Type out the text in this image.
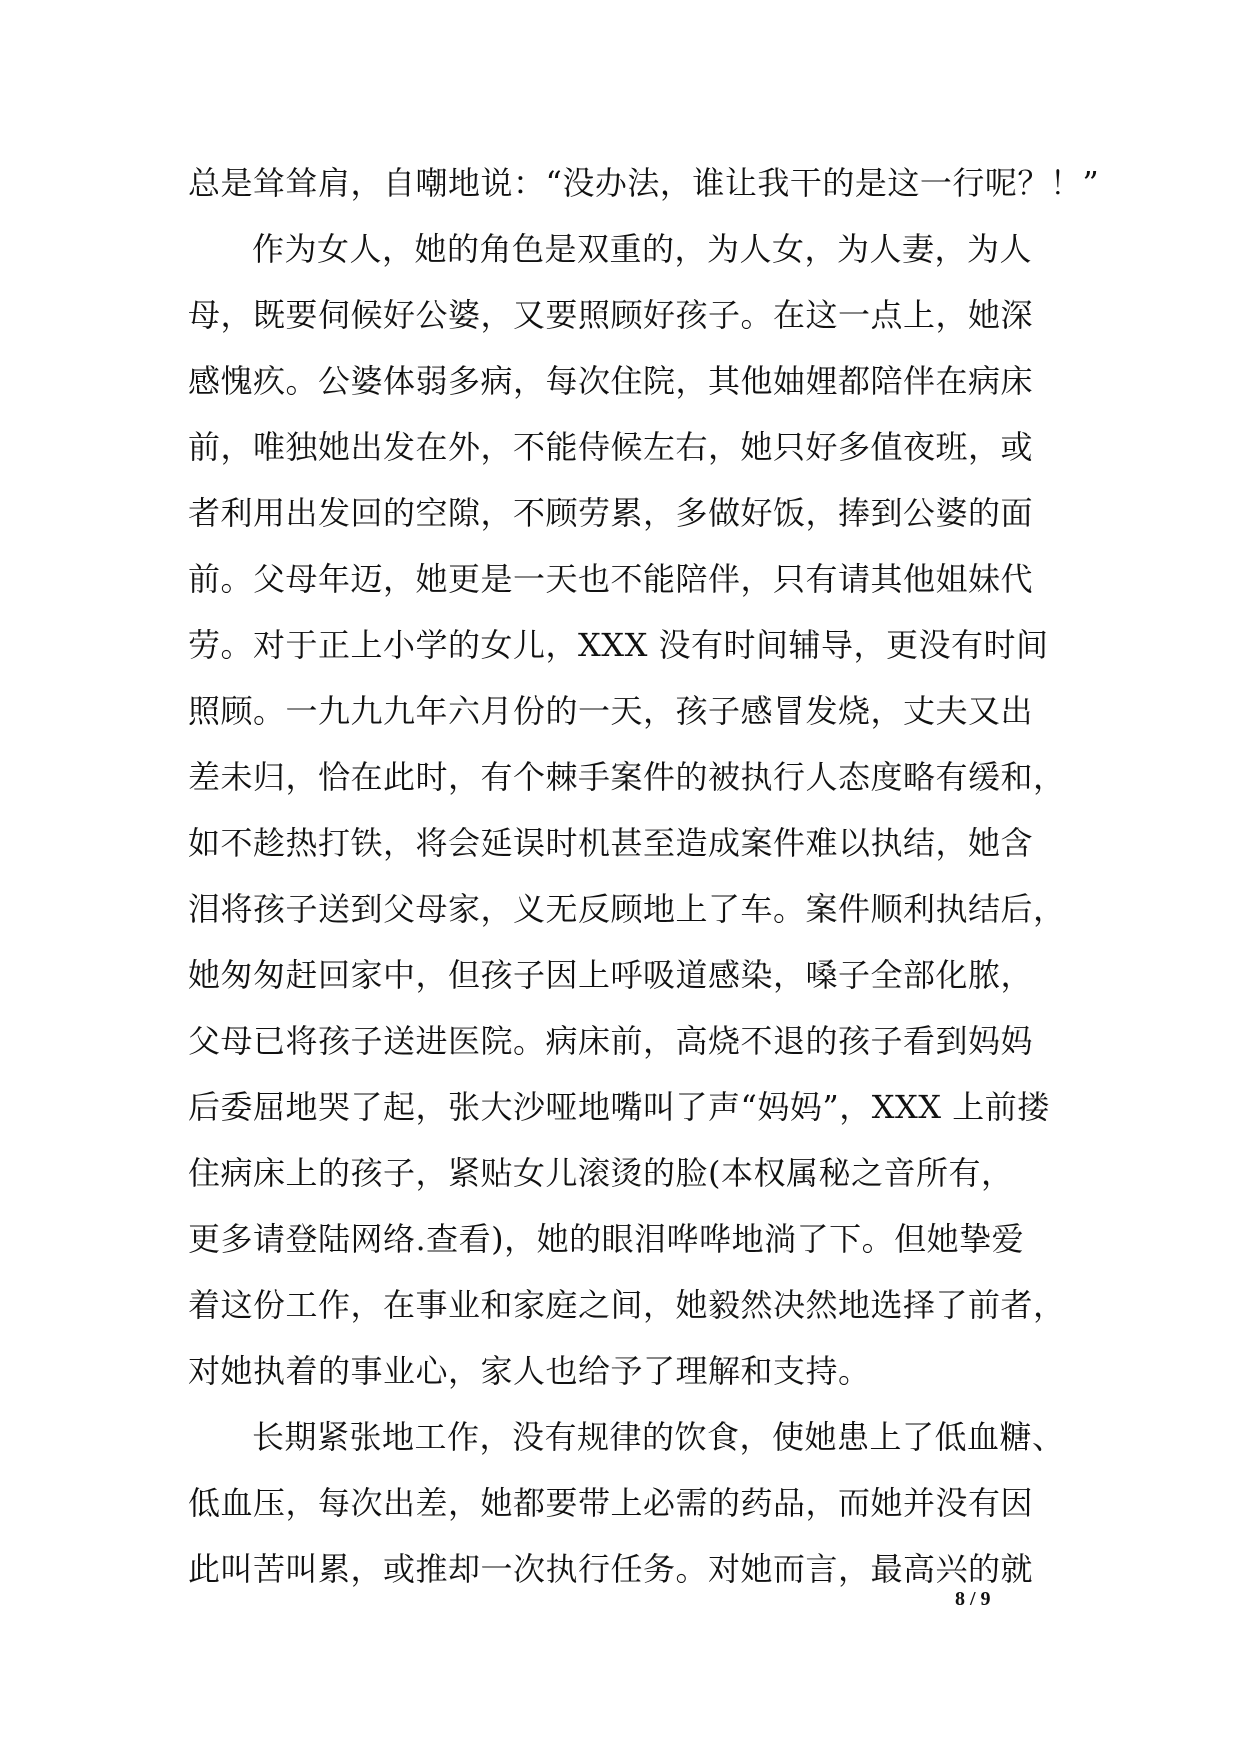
总是耸耸肩，自嘲地说：“没办法，谁让我干的是这一行呢？！”
作为女人，她的角色是双重的，为人女，为人妻，为人
母，既要伺候好公婆，又要照顾好孩子。在这一点上，她深
感愧疚。公婆体弱多病，每次住院，其他妯娌都陪伴在病床
前，唯独她出发在外，不能侍候左右，她只好多值夜班，或
者利用出发回的空隙，不顾劳累，多做好饭，捧到公婆的面
前。父母年迈，她更是一天也不能陪伴，只有请其他姐妹代
劳。对于正上小学的女儿，XXX 没有时间辅导，更没有时间
照顾。一九九九年六月份的一天，孩子感冒发烧，丈夫又出
差未归，恰在此时，有个棘手案件的被执行人态度略有缓和，
如不趁热打铁，将会延误时机甚至造成案件难以执结，她含
泪将孩子送到父母家，义无反顾地上了车。案件顺利执结后，
她匆匆赶回家中，但孩子因上呼吸道感染，嗓子全部化脓，
父母已将孩子送进医院。病床前，高烧不退的孩子看到妈妈
后委屈地哭了起，张大沙哑地嘴叫了声“妈妈”，XXX 上前搂
住病床上的孩子，紧贴女儿滚烫的脸(本权属秘之音所有，
更多请登陆网络.查看)，她的眼泪哗哗地淌了下。但她挚爱
着这份工作，在事业和家庭之间，她毅然决然地选择了前者，
对她执着的事业心，家人也给予了理解和支持。
长期紧张地工作，没有规律的饮食，使她患上了低血糖、
低血压，每次出差，她都要带上必需的药品，而她并没有因
此叫苦叫累，或推却一次执行任务。对她而言，最高兴的就
8 / 9
